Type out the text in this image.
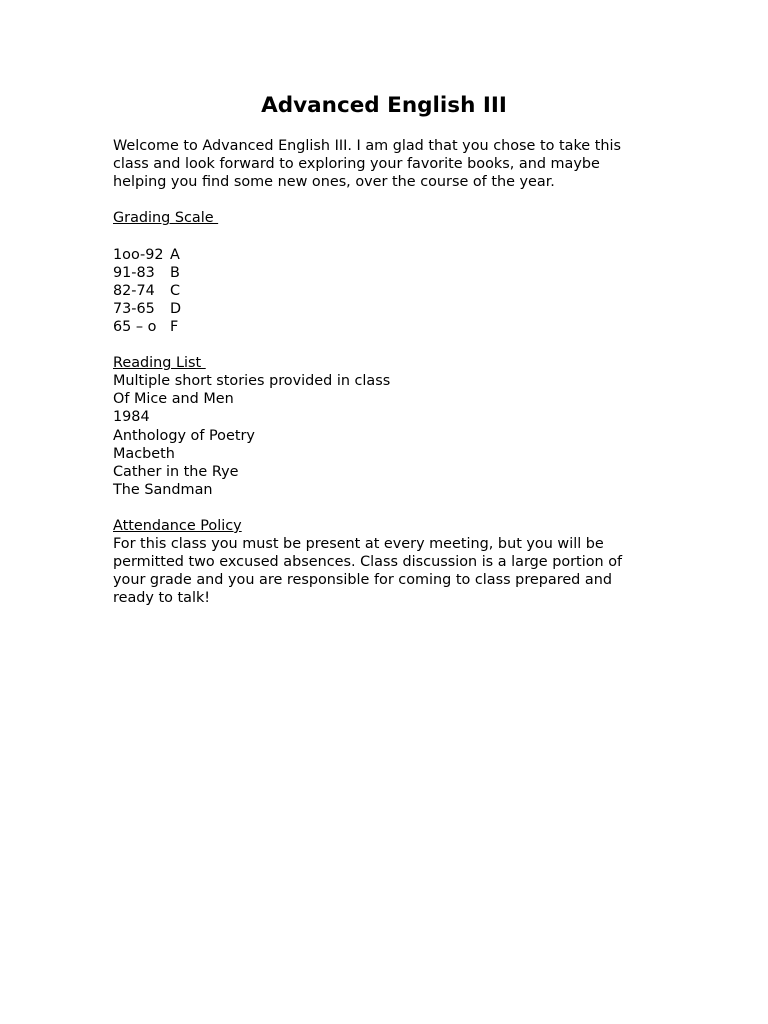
Advanced English III
Welcome to Advanced English III. I am glad that you chose to take this
class and look forward to exploring your favorite books, and maybe
helping you find some new ones, over the course of the year.
Grading Scale
1oo-92 A
91-83	B
82-74	C
73-65	D
65 – o F
Reading List
Multiple short stories provided in class
Of Mice and Men
1984
Anthology of Poetry
Macbeth
Cather in the Rye
The Sandman
Attendance Policy
For this class you must be present at every meeting, but you will be
permitted two excused absences. Class discussion is a large portion of
your grade and you are responsible for coming to class prepared and
ready to talk!
